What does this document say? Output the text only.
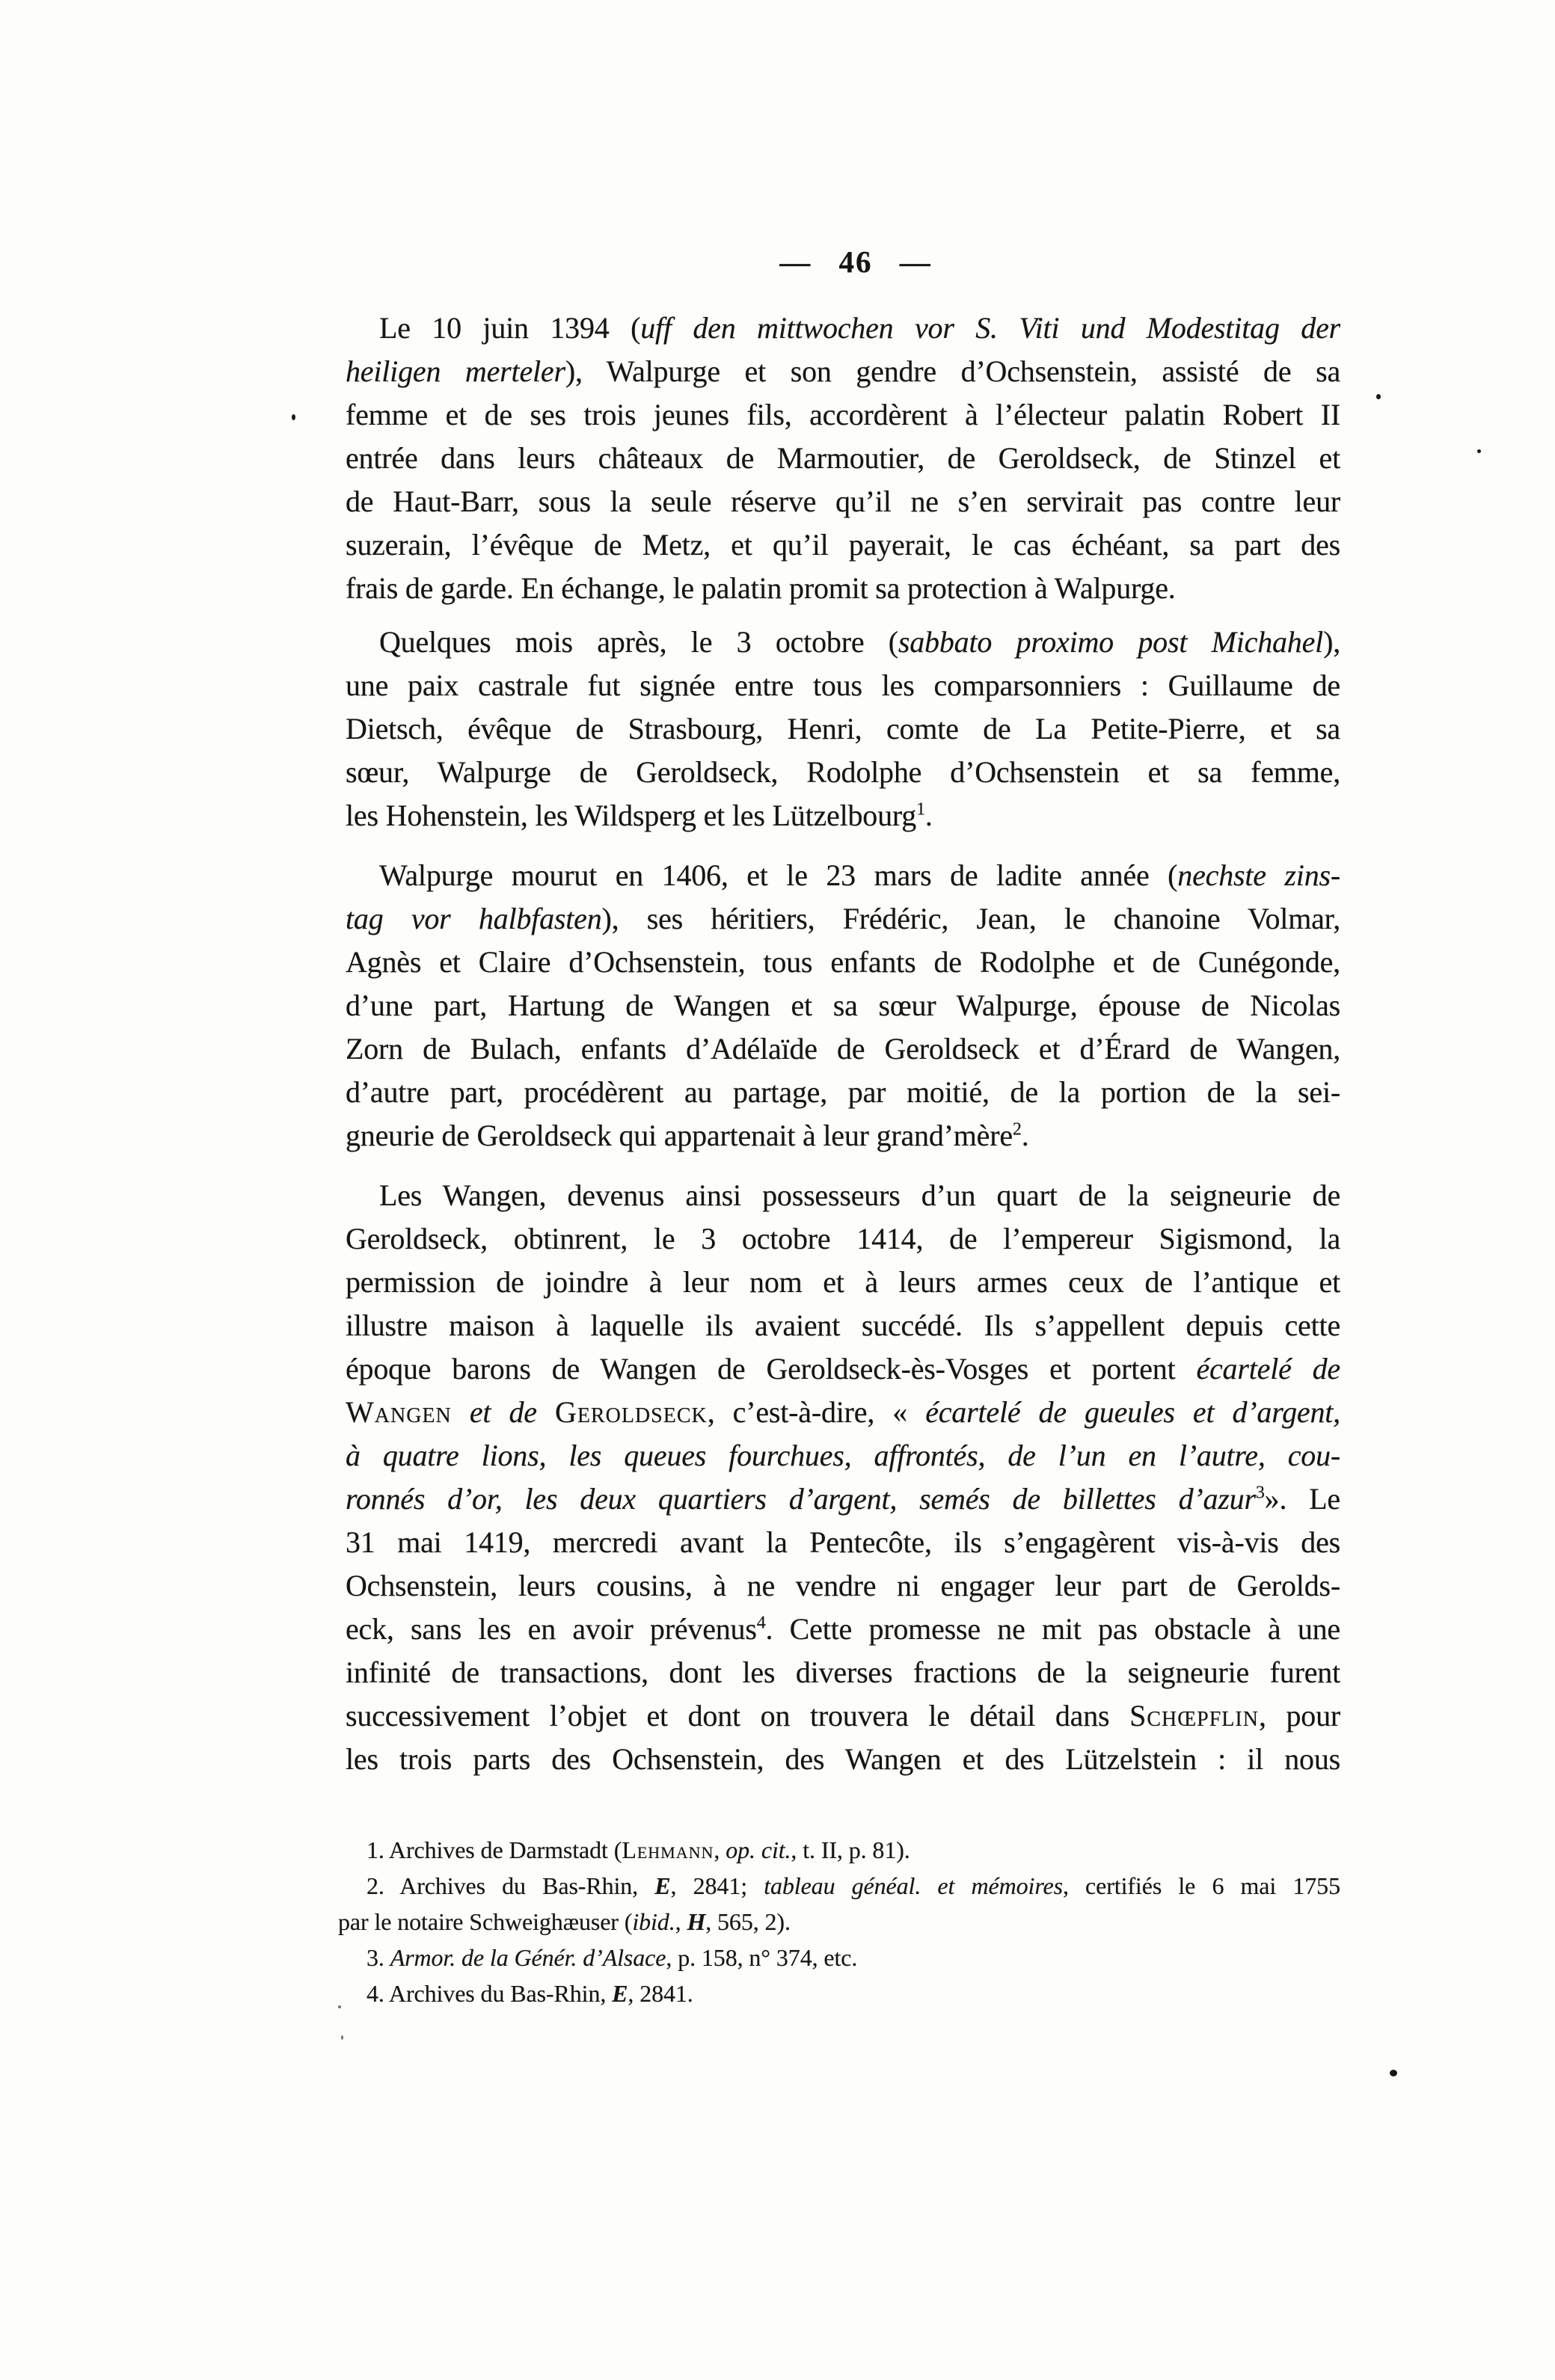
— 46 —
Le 10 juin 1394 (uff den mittwochen vor S. Viti und Modestitag der
heiligen merteler), Walpurge et son gendre d’Ochsenstein, assisté de sa
femme et de ses trois jeunes fils, accordèrent à l’électeur palatin Robert II
entrée dans leurs châteaux de Marmoutier, de Geroldseck, de Stinzel et
de Haut-Barr, sous la seule réserve qu’il ne s’en servirait pas contre leur
suzerain, l’évêque de Metz, et qu’il payerait, le cas échéant, sa part des
frais de garde. En échange, le palatin promit sa protection à Walpurge.
Quelques mois après, le 3 octobre (sabbato proximo post Michahel),
une paix castrale fut signée entre tous les comparsonniers : Guillaume de
Dietsch, évêque de Strasbourg, Henri, comte de La Petite-Pierre, et sa
sœur, Walpurge de Geroldseck, Rodolphe d’Ochsenstein et sa femme,
les Hohenstein, les Wildsperg et les Lützelbourg$^1$.
Walpurge mourut en 1406, et le 23 mars de ladite année (nechste zins-
tag vor halbfasten), ses héritiers, Frédéric, Jean, le chanoine Volmar,
Agnès et Claire d’Ochsenstein, tous enfants de Rodolphe et de Cunégonde,
d’une part, Hartung de Wangen et sa sœur Walpurge, épouse de Nicolas
Zorn de Bulach, enfants d’Adélaïde de Geroldseck et d’Érard de Wangen,
d’autre part, procédèrent au partage, par moitié, de la portion de la sei-
gneurie de Geroldseck qui appartenait à leur grand’mère$^2$.
Les Wangen, devenus ainsi possesseurs d’un quart de la seigneurie de
Geroldseck, obtinrent, le 3 octobre 1414, de l’empereur Sigismond, la
permission de joindre à leur nom et à leurs armes ceux de l’antique et
illustre maison à laquelle ils avaient succédé. Ils s’appellent depuis cette
époque barons de Wangen de Geroldseck-ès-Vosges et portent écartelé de
Wangen et de Geroldseck, c’est-à-dire, « écartelé de gueules et d’argent,
à quatre lions, les queues fourchues, affrontés, de l’un en l’autre, cou-
ronnés d’or, les deux quartiers d’argent, semés de billettes d’azur$^3$». Le
31 mai 1419, mercredi avant la Pentecôte, ils s’engagèrent vis-à-vis des
Ochsenstein, leurs cousins, à ne vendre ni engager leur part de Gerolds-
eck, sans les en avoir prévenus$^4$. Cette promesse ne mit pas obstacle à une
infinité de transactions, dont les diverses fractions de la seigneurie furent
successivement l’objet et dont on trouvera le détail dans Schœpflin, pour
les trois parts des Ochsenstein, des Wangen et des Lützelstein : il nous
1. Archives de Darmstadt (Lehmann, op. cit., t. II, p. 81).
2. Archives du Bas-Rhin, E, 2841; tableau généal. et mémoires, certifiés le 6 mai 1755
par le notaire Schweighæuser (ibid., H, 565, 2).
3. Armor. de la Génér. d’Alsace, p. 158, n° 374, etc.
4. Archives du Bas-Rhin, E, 2841.
